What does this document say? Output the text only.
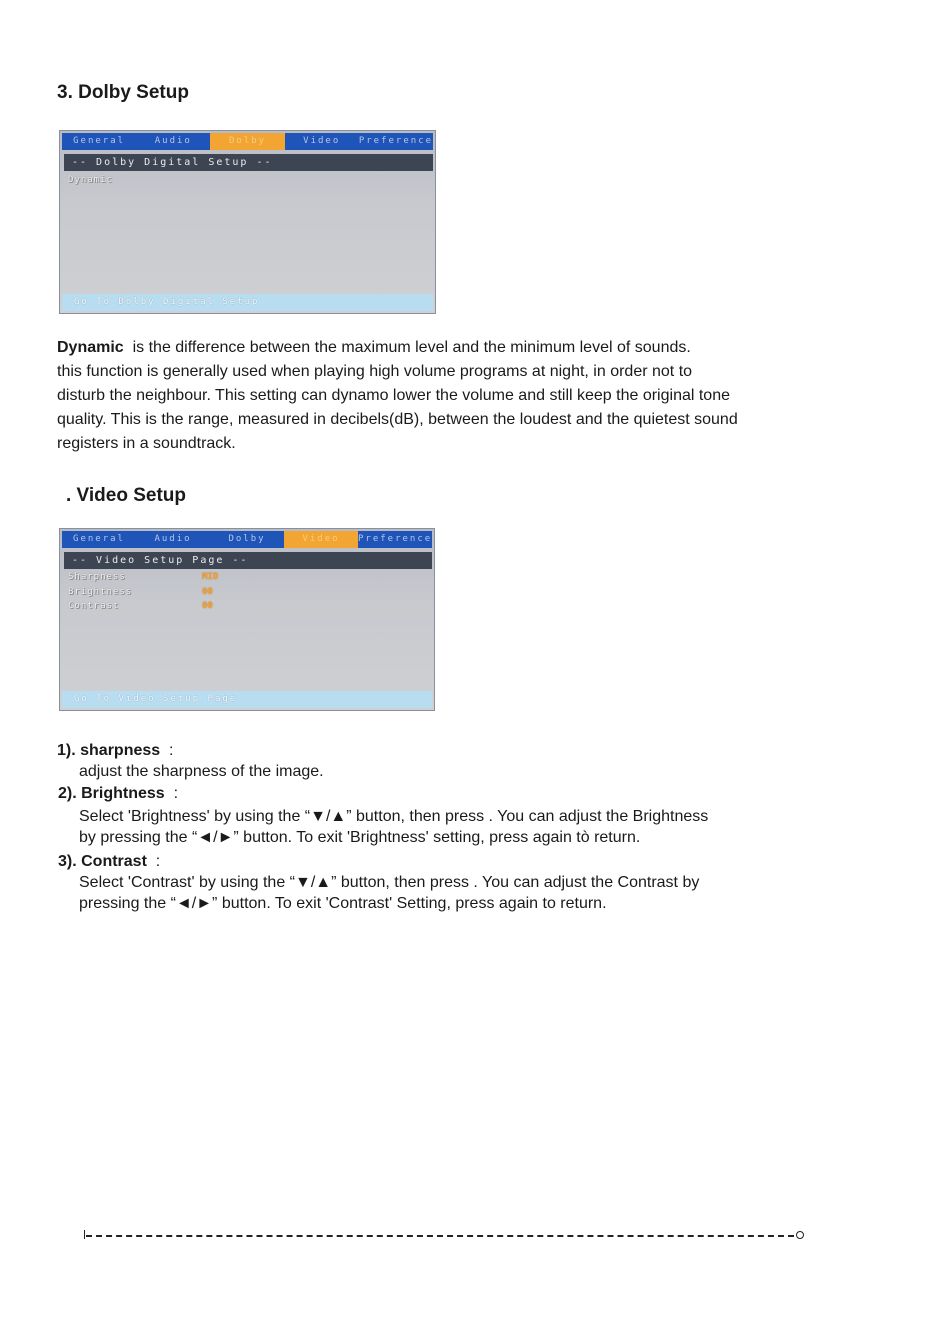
3. Dolby Setup
General	Audio	Dolby	Video	Preference
-- Dolby Digital Setup --
Dynamic
Go To Dolby Digital Setup
Dynamic is the difference between the maximum level and the minimum level of sounds.
this function is generally used when playing high volume programs at night, in order not to
disturb the neighbour. This setting can dynamo lower the volume and still keep the original tone
quality. This is the range, measured in decibels(dB), between the loudest and the quietest sound
registers in a soundtrack.
. Video Setup
General	Audio	Dolby	Video	Preference
-- Video Setup Page --
Sharpness	MID
Brightness	00
Contrast	00
Go To Video Setup Page
1). sharpness :
adjust the sharpness of the image.
2). Brightness :
Select 'Brightness' by using the “▼/▲” button, then press . You can adjust the Brightness
by pressing the “◄/►” button. To exit 'Brightness' setting, press again tò return.
3). Contrast :
Select 'Contrast' by using the “▼/▲” button, then press . You can adjust the Contrast by
pressing the “◄/►” button. To exit 'Contrast' Setting, press again to return.
